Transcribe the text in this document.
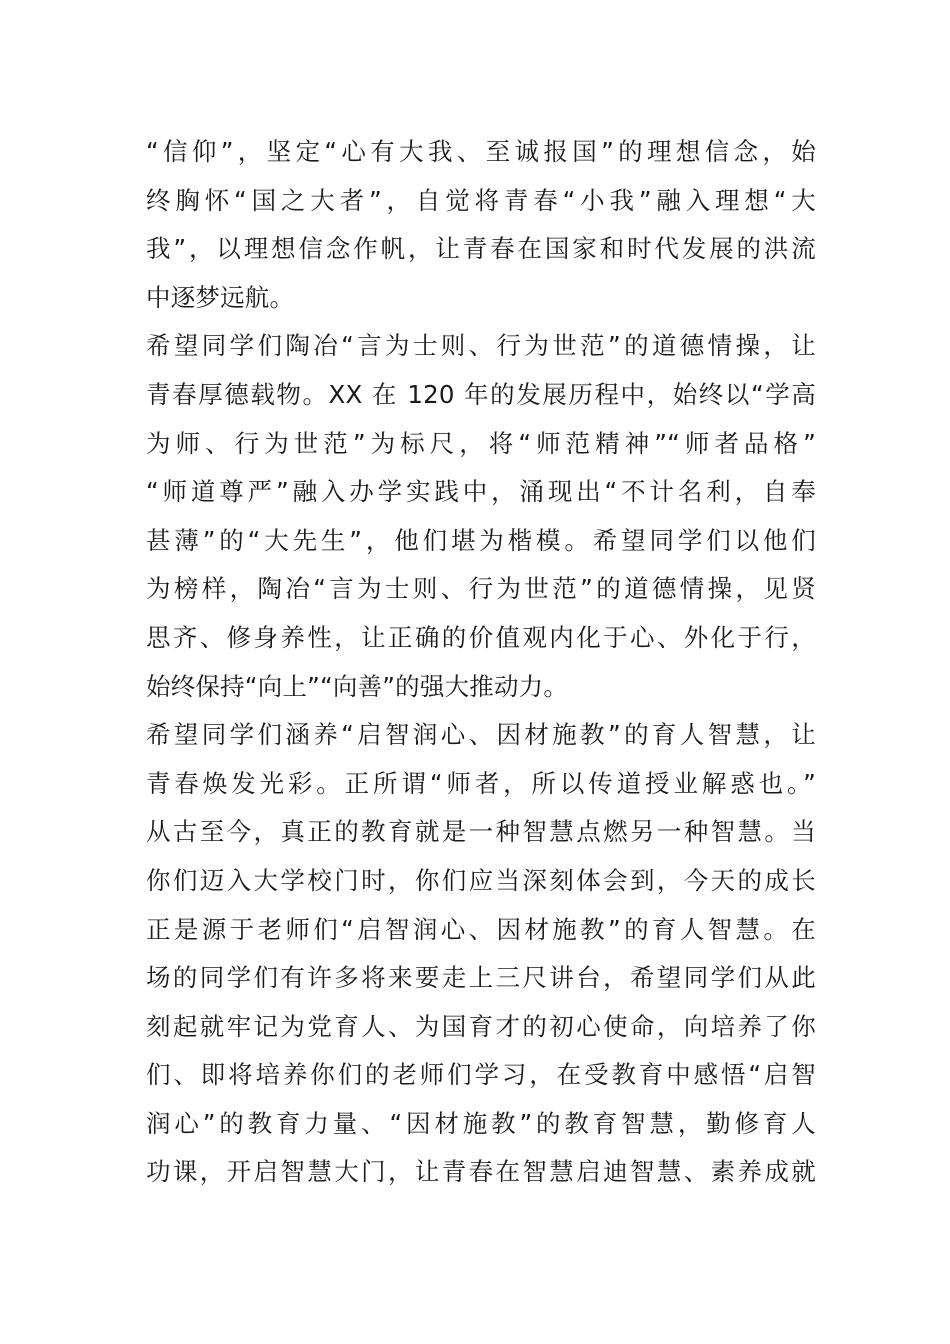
“信仰”，坚定“心有大我、至诚报国”的理想信念，始
终胸怀“国之大者”，自觉将青春“小我”融入理想“大
我”，以理想信念作帆，让青春在国家和时代发展的洪流
中逐梦远航。
希望同学们陶冶“言为士则、行为世范”的道德情操，让
青春厚德载物。XX 在 120 年的发展历程中，始终以“学高
为师、行为世范”为标尺，将“师范精神”“师者品格”
“师道尊严”融入办学实践中，涌现出“不计名利，自奉
甚薄”的“大先生”，他们堪为楷模。希望同学们以他们
为榜样，陶冶“言为士则、行为世范”的道德情操，见贤
思齐、修身养性，让正确的价值观内化于心、外化于行，
始终保持“向上”“向善”的强大推动力。
希望同学们涵养“启智润心、因材施教”的育人智慧，让
青春焕发光彩。正所谓“师者，所以传道授业解惑也。”
从古至今，真正的教育就是一种智慧点燃另一种智慧。当
你们迈入大学校门时，你们应当深刻体会到，今天的成长
正是源于老师们“启智润心、因材施教”的育人智慧。在
场的同学们有许多将来要走上三尺讲台，希望同学们从此
刻起就牢记为党育人、为国育才的初心使命，向培养了你
们、即将培养你们的老师们学习，在受教育中感悟“启智
润心”的教育力量、“因材施教”的教育智慧，勤修育人
功课，开启智慧大门，让青春在智慧启迪智慧、素养成就
